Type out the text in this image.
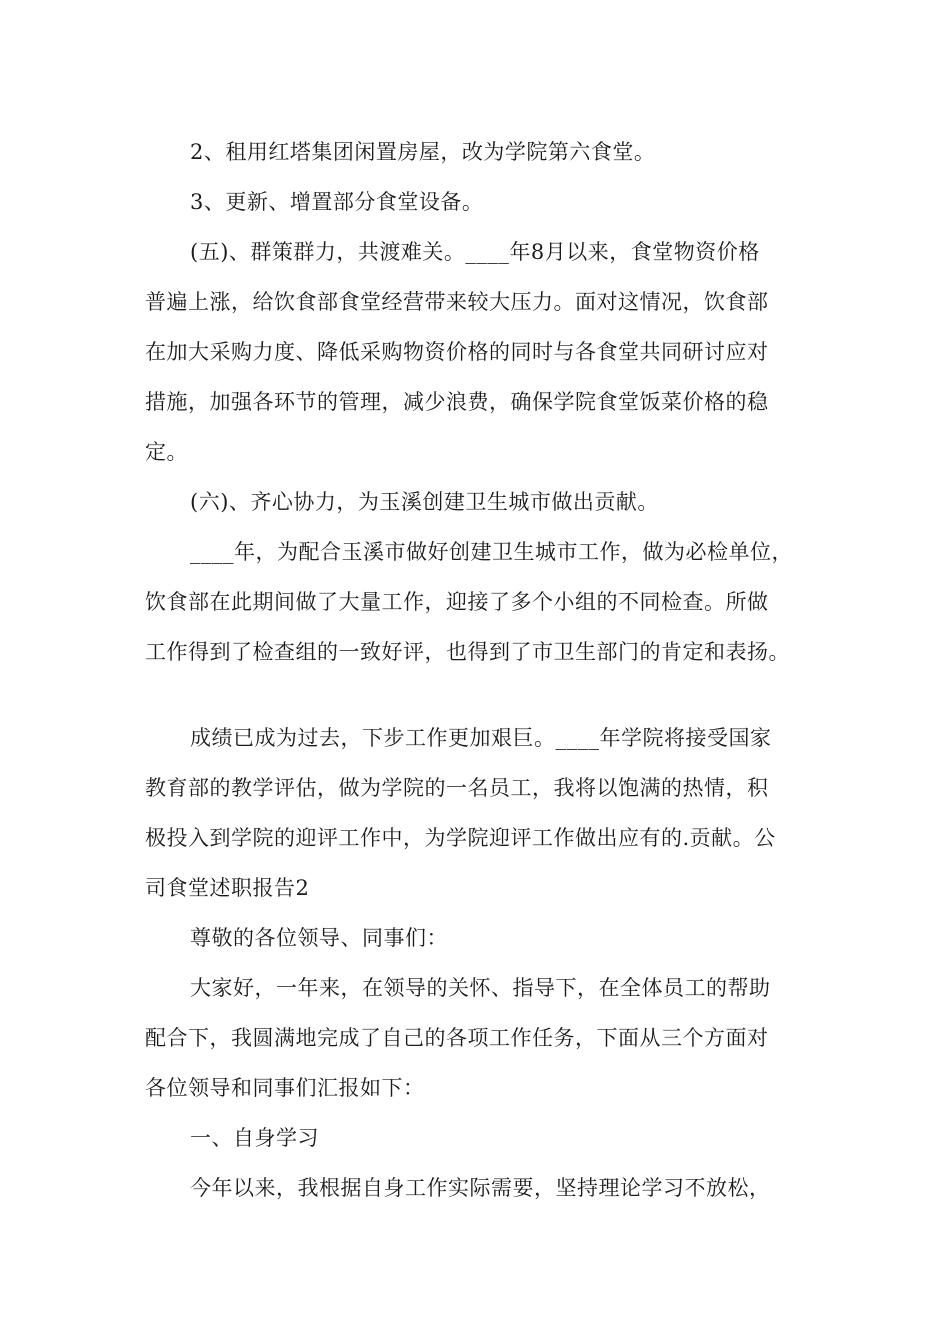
2、租用红塔集团闲置房屋，改为学院第六食堂。

3、更新、增置部分食堂设备。

(五)、群策群力，共渡难关。____年8月以来，食堂物资价格

普遍上涨，给饮食部食堂经营带来较大压力。面对这情况，饮食部

在加大采购力度、降低采购物资价格的同时与各食堂共同研讨应对

措施，加强各环节的管理，减少浪费，确保学院食堂饭菜价格的稳

定。

(六)、齐心协力，为玉溪创建卫生城市做出贡献。

____年，为配合玉溪市做好创建卫生城市工作，做为必检单位，

饮食部在此期间做了大量工作，迎接了多个小组的不同检查。所做

工作得到了检查组的一致好评，也得到了市卫生部门的肯定和表扬。

成绩已成为过去，下步工作更加艰巨。____年学院将接受国家

教育部的教学评估，做为学院的一名员工，我将以饱满的热情，积

极投入到学院的迎评工作中，为学院迎评工作做出应有的.贡献。公

司食堂述职报告2

尊敬的各位领导、同事们：

大家好，一年来，在领导的关怀、指导下，在全体员工的帮助

配合下，我圆满地完成了自己的各项工作任务，下面从三个方面对

各位领导和同事们汇报如下：

一、自身学习

今年以来，我根据自身工作实际需要，坚持理论学习不放松，
